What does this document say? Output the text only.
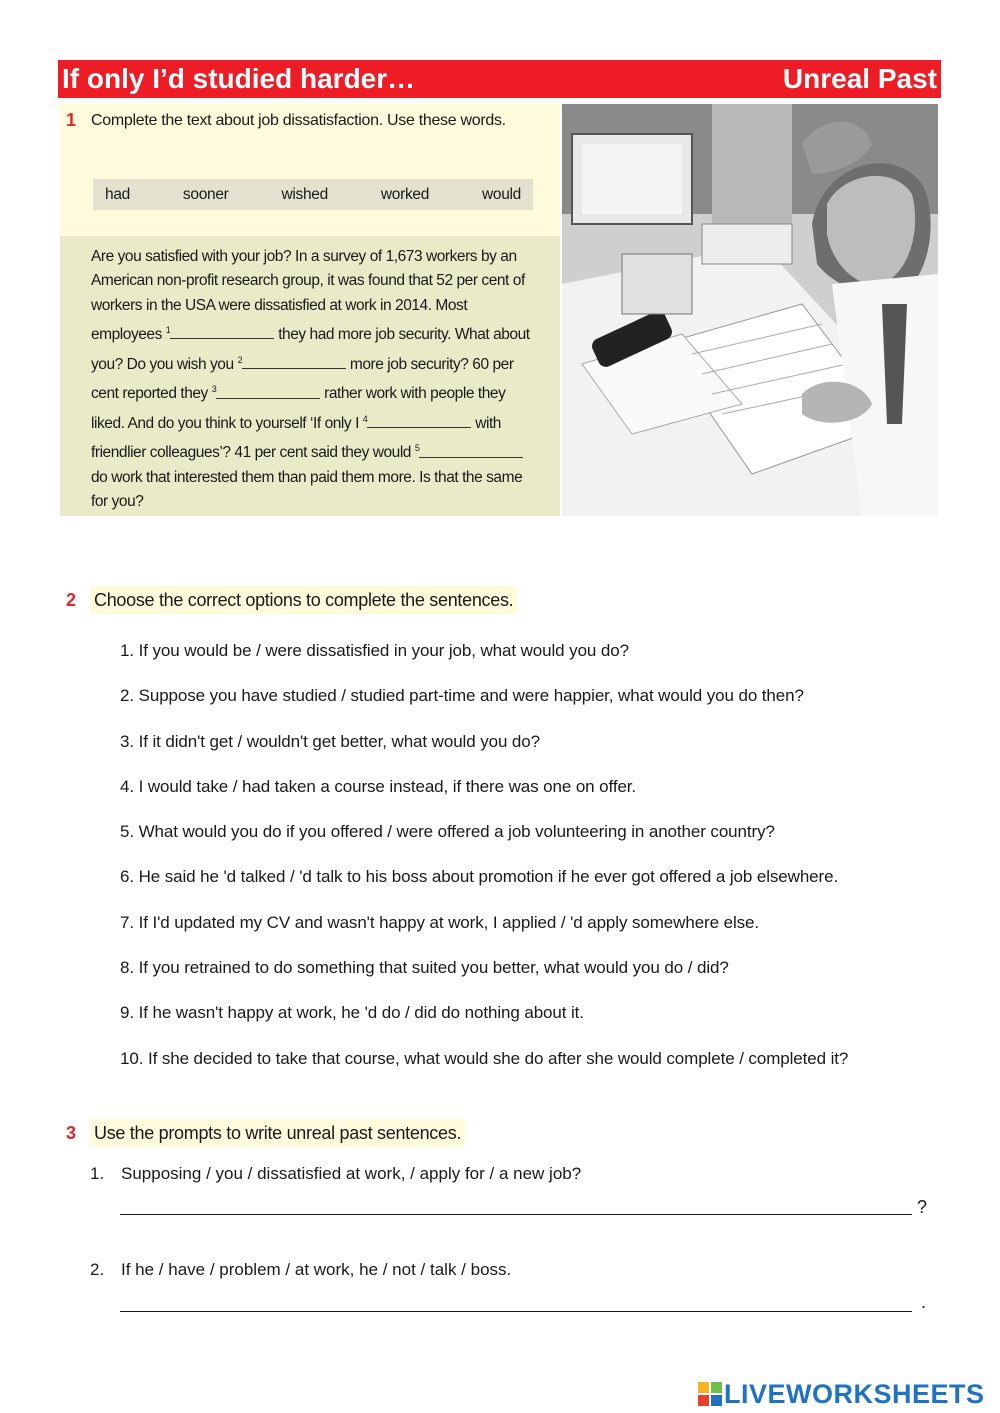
If only I’d studied harder…	Unreal Past
1 Complete the text about job dissatisfaction. Use these words.
had	sooner	wished	worked	would
Are you satisfied with your job? In a survey of 1,673 workers by an American non-profit research group, it was found that 52 per cent of workers in the USA were dissatisfied at work in 2014. Most employees $^1$	they had more job security. What about you? Do you wish you $^2$	more job security? 60 per cent reported they $^3$	rather work with people they liked. And do you think to yourself ‘If only I $^4$	with friendlier colleagues’? 41 per cent said they would $^5$ do work that interested them than paid them more. Is that the same for you?
2 Choose the correct options to complete the sentences.
1. If you would be / were dissatisfied in your job, what would you do?
2. Suppose you have studied / studied part-time and were happier, what would you do then?
3. If it didn't get / wouldn't get better, what would you do?
4. I would take / had taken a course instead, if there was one on offer.
5. What would you do if you offered / were offered a job volunteering in another country?
6. He said he 'd talked / 'd talk to his boss about promotion if he ever got offered a job elsewhere.
7. If I'd updated my CV and wasn't happy at work, I applied / 'd apply somewhere else.
8. If you retrained to do something that suited you better, what would you do / did?
9. If he wasn't happy at work, he 'd do / did do nothing about it.
10. If she decided to take that course, what would she do after she would complete / completed it?
3 Use the prompts to write unreal past sentences.
1. Supposing / you / dissatisfied at work, / apply for / a new job?
?
2. If he / have / problem / at work, he / not / talk / boss.
.
LIVEWORKSHEETS
